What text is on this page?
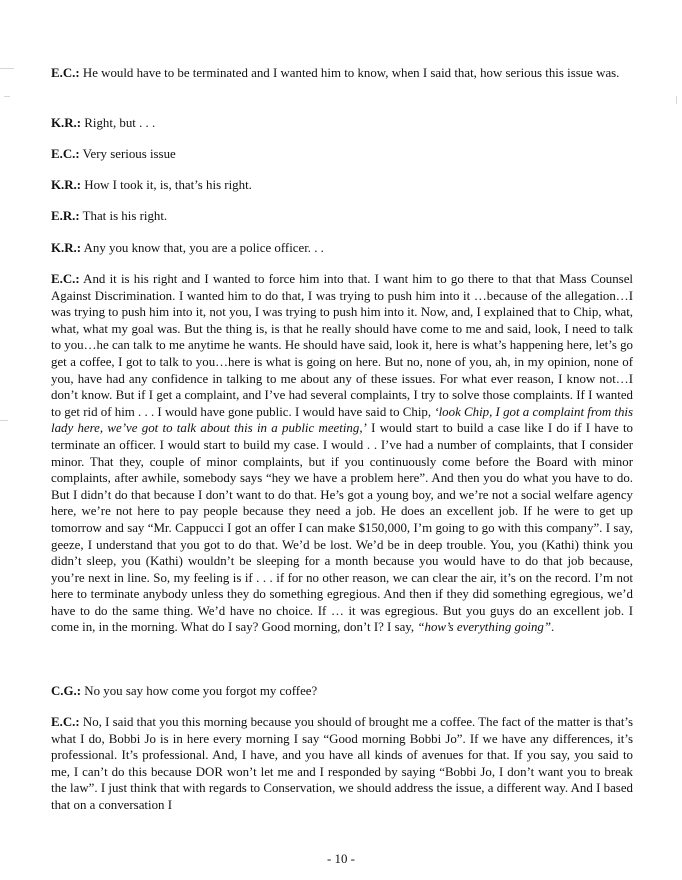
E.C.: He would have to be terminated and I wanted him to know, when I said that, how serious this issue was.

K.R.: Right, but . . .

E.C.: Very serious issue

K.R.: How I took it, is, that’s his right.

E.R.: That is his right.

K.R.: Any you know that, you are a police officer. . .

E.C.: And it is his right and I wanted to force him into that. I want him to go there to that that Mass Counsel Against Discrimination. I wanted him to do that, I was trying to push him into it …because of the allegation…I was trying to push him into it, not you, I was trying to push him into it. Now, and, I explained that to Chip, what, what, what my goal was. But the thing is, is that he really should have come to me and said, look, I need to talk to you…he can talk to me anytime he wants. He should have said, look it, here is what’s happening here, let’s go get a coffee, I got to talk to you…here is what is going on here. But no, none of you, ah, in my opinion, none of you, have had any confidence in talking to me about any of these issues. For what ever reason, I know not…I don’t know. But if I get a complaint, and I’ve had several complaints, I try to solve those complaints. If I wanted to get rid of him . . . I would have gone public. I would have said to Chip, ‘look Chip, I got a complaint from this lady here, we’ve got to talk about this in a public meeting,’ I would start to build a case like I do if I have to terminate an officer. I would start to build my case. I would . . I’ve had a number of complaints, that I consider minor. That they, couple of minor complaints, but if you continuously come before the Board with minor complaints, after awhile, somebody says “hey we have a problem here”. And then you do what you have to do. But I didn’t do that because I don’t want to do that. He’s got a young boy, and we’re not a social welfare agency here, we’re not here to pay people because they need a job. He does an excellent job. If he were to get up tomorrow and say “Mr. Cappucci I got an offer I can make $150,000, I’m going to go with this company”. I say, geeze, I understand that you got to do that. We’d be lost. We’d be in deep trouble. You, you (Kathi) think you didn’t sleep, you (Kathi) wouldn’t be sleeping for a month because you would have to do that job because, you’re next in line. So, my feeling is if . . . if for no other reason, we can clear the air, it’s on the record. I’m not here to terminate anybody unless they do something egregious. And then if they did something egregious, we’d have to do the same thing. We’d have no choice. If … it was egregious. But you guys do an excellent job. I come in, in the morning. What do I say? Good morning, don’t I? I say, “how’s everything going”.

C.G.: No you say how come you forgot my coffee?

E.C.: No, I said that you this morning because you should of brought me a coffee. The fact of the matter is that’s what I do, Bobbi Jo is in here every morning I say “Good morning Bobbi Jo”. If we have any differences, it’s professional. It’s professional. And, I have, and you have all kinds of avenues for that. If you say, you said to me, I can’t do this because DOR won’t let me and I responded by saying “Bobbi Jo, I don’t want you to break the law”. I just think that with regards to Conservation, we should address the issue, a different way. And I based that on a conversation I

- 10 -
